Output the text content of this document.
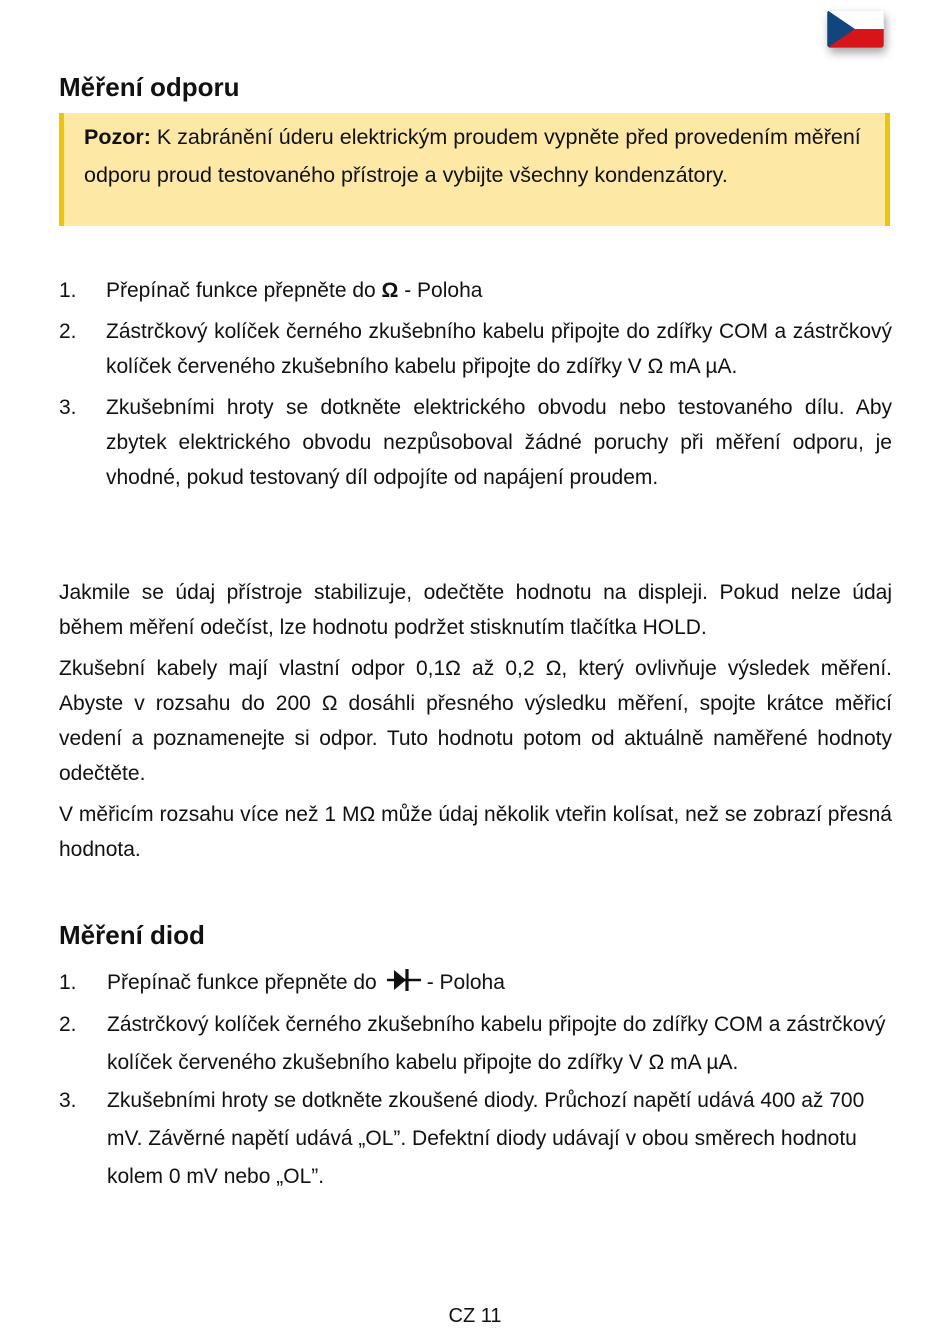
Měření odporu
Pozor: K zabránění úderu elektrickým proudem vypněte před provedením měření odporu proud testovaného přístroje a vybijte všechny kondenzátory.
1. Přepínač funkce přepněte do Ω - Poloha
2. Zástrčkový kolíček černého zkušebního kabelu připojte do zdířky COM a zástrčkový kolíček červeného zkušebního kabelu připojte do zdířky V Ω mA µA.
3. Zkušebními hroty se dotkněte elektrického obvodu nebo testovaného dílu. Aby zbytek elektrického obvodu nezpůsoboval žádné poruchy při měření odporu, je vhodné, pokud testovaný díl odpojíte od napájení proudem.

Jakmile se údaj přístroje stabilizuje, odečtěte hodnotu na displeji. Pokud nelze údaj během měření odečíst, lze hodnotu podržet stisknutím tlačítka HOLD.

Zkušební kabely mají vlastní odpor 0,1Ω až 0,2 Ω, který ovlivňuje výsledek měření. Abyste v rozsahu do 200 Ω dosáhli přesného výsledku měření, spojte krátce měřicí vedení a poznamenejte si odpor. Tuto hodnotu potom od aktuálně naměřené hodnoty odečtěte.

V měřicím rozsahu více než 1 MΩ může údaj několik vteřin kolísat, než se zobrazí přesná hodnota.

Měření diod
1. Přepínač funkce přepněte do - Poloha
2. Zástrčkový kolíček černého zkušebního kabelu připojte do zdířky COM a zástrčkový kolíček červeného zkušebního kabelu připojte do zdířky V Ω mA µA.
3. Zkušebními hroty se dotkněte zkoušené diody. Průchozí napětí udává 400 až 700 mV. Závěrné napětí udává „OL”. Defektní diody udávají v obou směrech hodnotu kolem 0 mV nebo „OL”.
CZ 11
